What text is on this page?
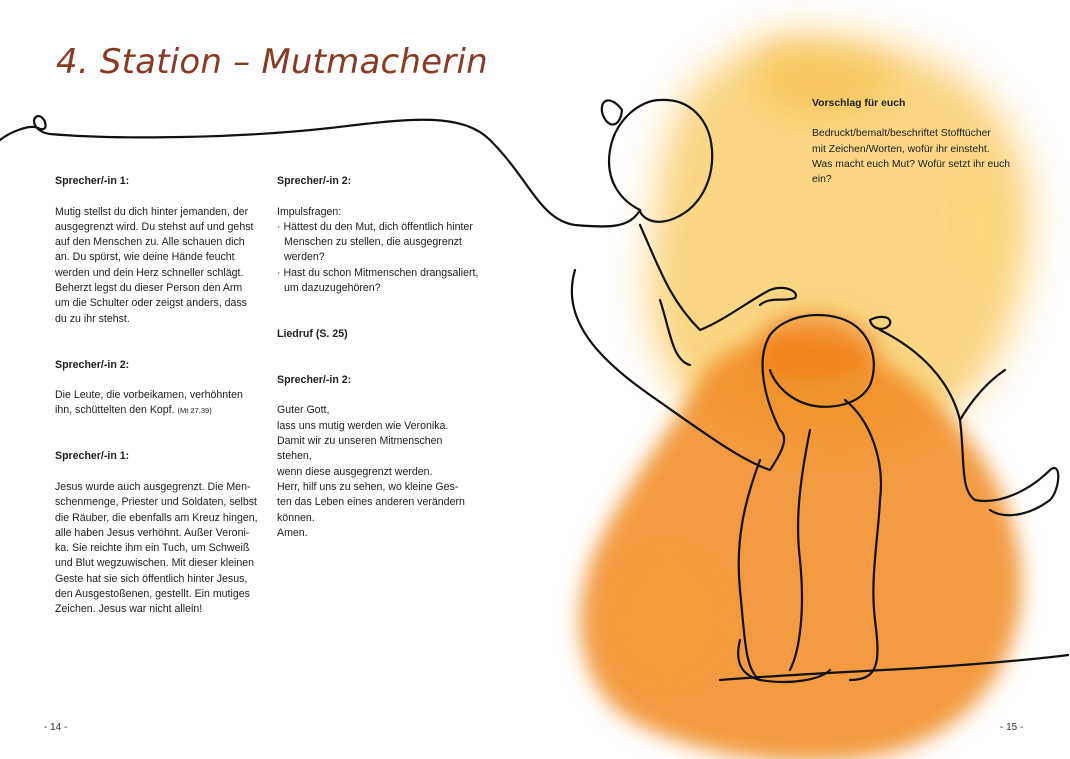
4. Station – Mutmacherin

Sprecher/-in 1:

Mutig stellst du dich hinter jemanden, der

ausgegrenzt wird. Du stehst auf und gehst

auf den Menschen zu. Alle schauen dich

an. Du spürst, wie deine Hände feucht

werden und dein Herz schneller schlägt.

Beherzt legst du dieser Person den Arm

um die Schulter oder zeigst anders, dass

du zu ihr stehst.

Sprecher/-in 2:

Die Leute, die vorbeikamen, verhöhnten

ihn, schüttelten den Kopf. (Mt 27,39)

Sprecher/-in 1:

Jesus wurde auch ausgegrenzt. Die Men-

schenmenge, Priester und Soldaten, selbst

die Räuber, die ebenfalls am Kreuz hingen,

alle haben Jesus verhöhnt. Außer Veroni-

ka. Sie reichte ihm ein Tuch, um Schweiß

und Blut wegzuwischen. Mit dieser kleinen

Geste hat sie sich öffentlich hinter Jesus,

den Ausgestoßenen, gestellt. Ein mutiges

Zeichen. Jesus war nicht allein!

Sprecher/-in 2:

Impulsfragen:

· Hättest du den Mut, dich öffentlich hinter
Menschen zu stellen, die ausgegrenzt
werden?
· Hast du schon Mitmenschen drangsaliert,
um dazuzugehören?

Liedruf (S. 25)

Sprecher/-in 2:

Guter Gott,

lass uns mutig werden wie Veronika.

Damit wir zu unseren Mitmenschen

stehen,

wenn diese ausgegrenzt werden.

Herr, hilf uns zu sehen, wo kleine Ges-

ten das Leben eines anderen verändern

können.

Amen.

Vorschlag für euch

Bedruckt/bemalt/beschriftet Stofftücher

mit Zeichen/Worten, wofür ihr einsteht.

Was macht euch Mut? Wofür setzt ihr euch

ein?

- 14 -	- 15 -
